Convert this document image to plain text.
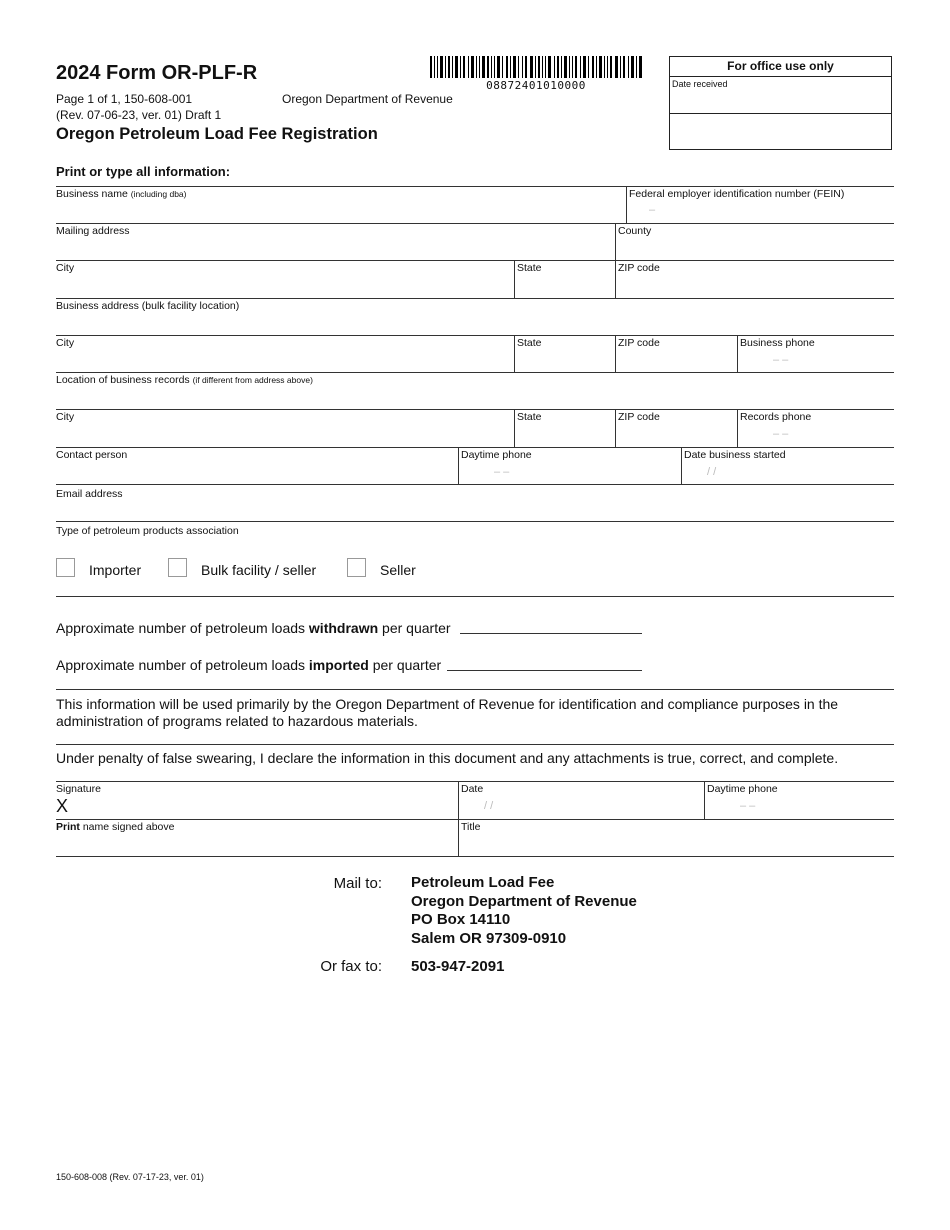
2024 Form OR-PLF-R
Page 1 of 1, 150-608-001	Oregon Department of Revenue
(Rev. 07-06-23, ver. 01) Draft 1
Oregon Petroleum Load Fee Registration
08872401010000
For office use only
Date received
Print or type all information:
Business name (including dba)	Federal employer identification number (FEIN)
–
Mailing address	County
City	State	ZIP code
Business address (bulk facility location)
City	State	ZIP code	Business phone
– –
Location of business records (if different from address above)
City	State	ZIP code	Records phone
– –
Contact person	Daytime phone
– –
Date business started
/ /
Email address
Type of petroleum products association
Importer	Bulk facility / seller	Seller
Approximate number of petroleum loads withdrawn per quarter
Approximate number of petroleum loads imported per quarter
This information will be used primarily by the Oregon Department of Revenue for identification and compliance purposes in the administration of programs related to hazardous materials.
Under penalty of false swearing, I declare the information in this document and any attachments is true, correct, and complete.
Signature
X
Date
/ /
Daytime phone
– –
Print name signed above	Title
Mail to: Petroleum Load Fee
Oregon Department of Revenue
PO Box 14110
Salem OR 97309-0910
Or fax to: 503-947-2091
150-608-008 (Rev. 07-17-23, ver. 01)
